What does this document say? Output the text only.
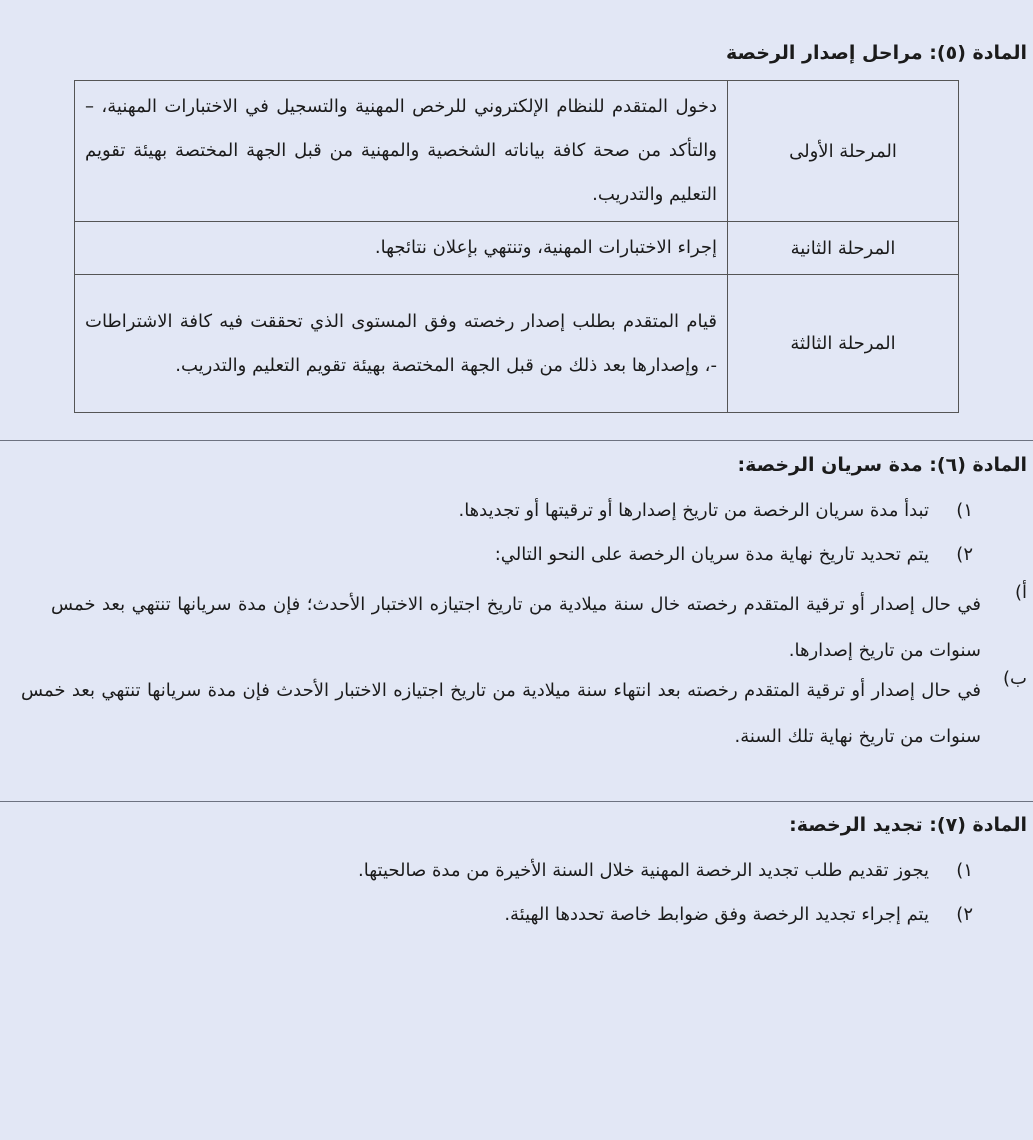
المادة (٥): مراحل إصدار الرخصة
المرحلة الأولى	دخول المتقدم للنظام الإلكتروني للرخص المهنية والتسجيل في الاختبارات المهنية، – والتأكد من صحة كافة بياناته الشخصية والمهنية من قبل الجهة المختصة بهيئة تقويم التعليم والتدريب.
المرحلة الثانية	إجراء الاختبارات المهنية، وتنتهي بإعلان نتائجها.
المرحلة الثالثة	قيام المتقدم بطلب إصدار رخصته وفق المستوى الذي تحققت فيه كافة الاشتراطات -، وإصدارها بعد ذلك من قبل الجهة المختصة بهيئة تقويم التعليم والتدريب.
المادة (٦): مدة سريان الرخصة:
١)
تبدأ مدة سريان الرخصة من تاريخ إصدارها أو ترقيتها أو تجديدها.
٢)
يتم تحديد تاريخ نهاية مدة سريان الرخصة على النحو التالي:
أ)
في حال إصدار أو ترقية المتقدم رخصته خال سنة ميلادية من تاريخ اجتيازه الاختبار الأحدث؛ فإن مدة سريانها تنتهي بعد خمس سنوات من تاريخ إصدارها.
ب)
في حال إصدار أو ترقية المتقدم رخصته بعد انتهاء سنة ميلادية من تاريخ اجتيازه الاختبار الأحدث فإن مدة سريانها تنتهي بعد خمس سنوات من تاريخ نهاية تلك السنة.
المادة (٧): تجديد الرخصة:
١)
يجوز تقديم طلب تجديد الرخصة المهنية خلال السنة الأخيرة من مدة صالحيتها.
٢)
يتم إجراء تجديد الرخصة وفق ضوابط خاصة تحددها الهيئة.
